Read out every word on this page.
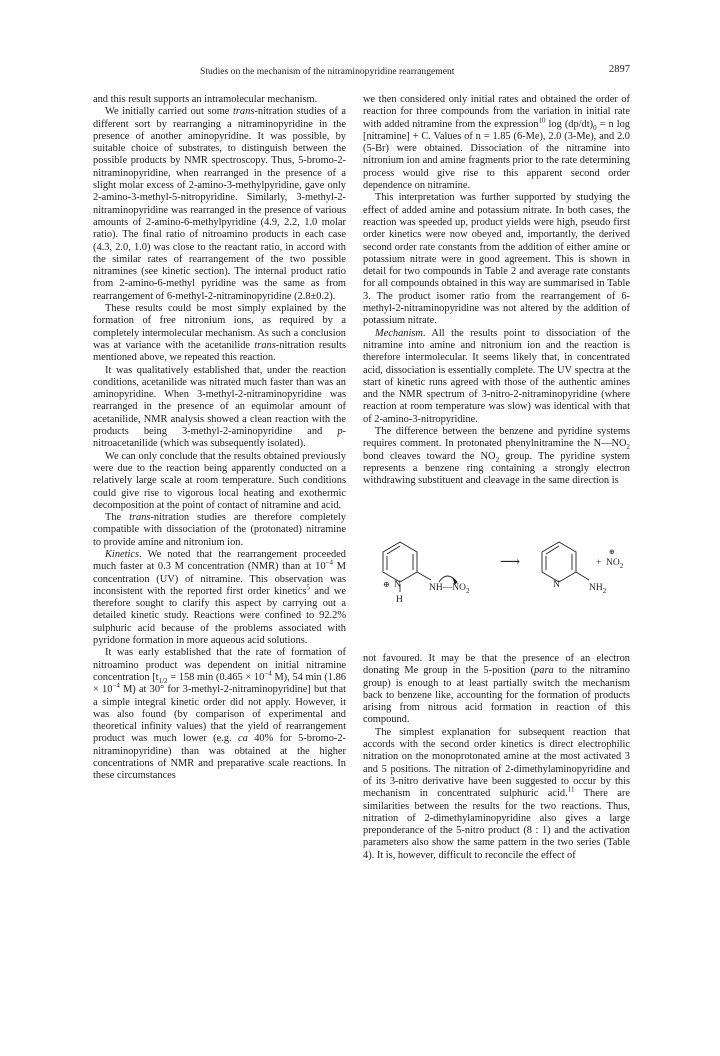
Studies on the mechanism of the nitraminopyridine rearrangement	2897

and this result supports an intramolecular mechanism.

We initially carried out some trans-nitration studies of a different sort by rearranging a nitraminopyridine in the presence of another aminopyridine. It was possible, by suitable choice of substrates, to distinguish between the possible products by NMR spectroscopy. Thus, 5-bromo-2-nitraminopyridine, when rearranged in the presence of a slight molar excess of 2-amino-3-methylpyridine, gave only 2-amino-3-methyl-5-nitropyridine. Similarly, 3-methyl-2-nitraminopyridine was rearranged in the presence of various amounts of 2-amino-6-methylpyridine (4.9, 2.2, 1.0 molar ratio). The final ratio of nitroamino products in each case (4.3, 2.0, 1.0) was close to the reactant ratio, in accord with the similar rates of rearrangement of the two possible nitramines (see kinetic section). The internal product ratio from 2-amino-6-methyl pyridine was the same as from rearrangement of 6-methyl-2-nitraminopyridine (2.8±0.2).

These results could be most simply explained by the formation of free nitronium ions, as required by a completely intermolecular mechanism. As such a conclusion was at variance with the acetanilide trans-nitration results mentioned above, we repeated this reaction.

It was qualitatively established that, under the reaction conditions, acetanilide was nitrated much faster than was an aminopyridine. When 3-methyl-2-nitraminopyridine was rearranged in the presence of an equimolar amount of acetanilide, NMR analysis showed a clean reaction with the products being 3-methyl-2-aminopyridine and p-nitroacetanilide (which was subsequently isolated).

We can only conclude that the results obtained previously were due to the reaction being apparently conducted on a relatively large scale at room temperature. Such conditions could give rise to vigorous local heating and exothermic decomposition at the point of contact of nitramine and acid.

The trans-nitration studies are therefore completely compatible with dissociation of the (protonated) nitramine to provide amine and nitronium ion.

Kinetics. We noted that the rearrangement proceeded much faster at 0.3 M concentration (NMR) than at $10^{-4}$ M concentration (UV) of nitramine. This observation was inconsistent with the reported first order kinetics$^5$ and we therefore sought to clarify this aspect by carrying out a detailed kinetic study. Reactions were confined to 92.2% sulphuric acid because of the problems associated with pyridone formation in more aqueous acid solutions.

It was early established that the rate of formation of nitroamino product was dependent on initial nitramine concentration [$t_{1/2} = 158$ $\min (0.465 \times 10^{-4}$ M), 54 $\min (1.86 \times 10^{-4}$ M) at 30° for 3-methyl-2-nitraminopyridine] but that a simple integral kinetic order did not apply. However, it was also found (by comparison of experimental and theoretical infinity values) that the yield of rearrangement product was much lower (e.g. ca 40% for 5-bromo-2-nitraminopyridine) than was obtained at the higher concentrations of NMR and preparative scale reactions. In these circumstances

we then considered only initial rates and obtained the order of reaction for three compounds from the variation in initial rate with added nitramine from the expression$^{10}$ $\log (dp/dt)_0 = n$ log [nitramine] + C. Values of n = 1.85 (6-Me), 2.0 (3-Me), and 2.0 (5-Br) were obtained. Dissociation of the nitramine into nitronium ion and amine fragments prior to the rate determining process would give rise to this apparent second order dependence on nitramine.

This interpretation was further supported by studying the effect of added amine and potassium nitrate. In both cases, the reaction was speeded up, product yields were high, pseudo first order kinetics were now obeyed and, importantly, the derived second order rate constants from the addition of either amine or potassium nitrate were in good agreement. This is shown in detail for two compounds in Table 2 and average rate constants for all compounds obtained in this way are summarised in Table 3. The product isomer ratio from the rearrangement of 6-methyl-2-nitraminopyridine was not altered by the addition of potassium nitrate.

Mechanism. All the results point to dissociation of the nitramine into amine and nitronium ion and the reaction is therefore intermolecular. It seems likely that, in concentrated acid, dissociation is essentially complete. The UV spectra at the start of kinetic runs agreed with those of the authentic amines and the NMR spectrum of 3-nitro-2-nitraminopyridine (where reaction at room temperature was slow) was identical with that of 2-amino-3-nitropyridine.

The difference between the benzene and pyridine systems requires comment. In protonated phenylnitramine the $N—NO_2$ bond cleaves toward the $NO_2$ group. The pyridine system represents a benzene ring containing a strongly electron withdrawing substituent and cleavage in the same direction is

N
⊕
H
$NH—NO_2$
⟶
N	$NH_2$
+
⊕
$NO_2$

not favoured. It may be that the presence of an electron donating Me group in the 5-position (para to the nitramino group) is enough to at least partially switch the mechanism back to benzene like, accounting for the formation of products arising from nitrous acid formation in reaction of this compound.

The simplest explanation for subsequent reaction that accords with the second order kinetics is direct electrophilic nitration on the monoprotonated amine at the most activated 3 and 5 positions. The nitration of 2-dimethylaminopyridine and of its 3-nitro derivative have been suggested to occur by this mechanism in concentrated sulphuric acid.$^{11}$ There are similarities between the results for the two reactions. Thus, nitration of 2-dimethylaminopyridine also gives a large preponderance of the 5-nitro product (8 : 1) and the activation parameters also show the same pattern in the two series (Table 4). It is, however, difficult to reconcile the effect of
